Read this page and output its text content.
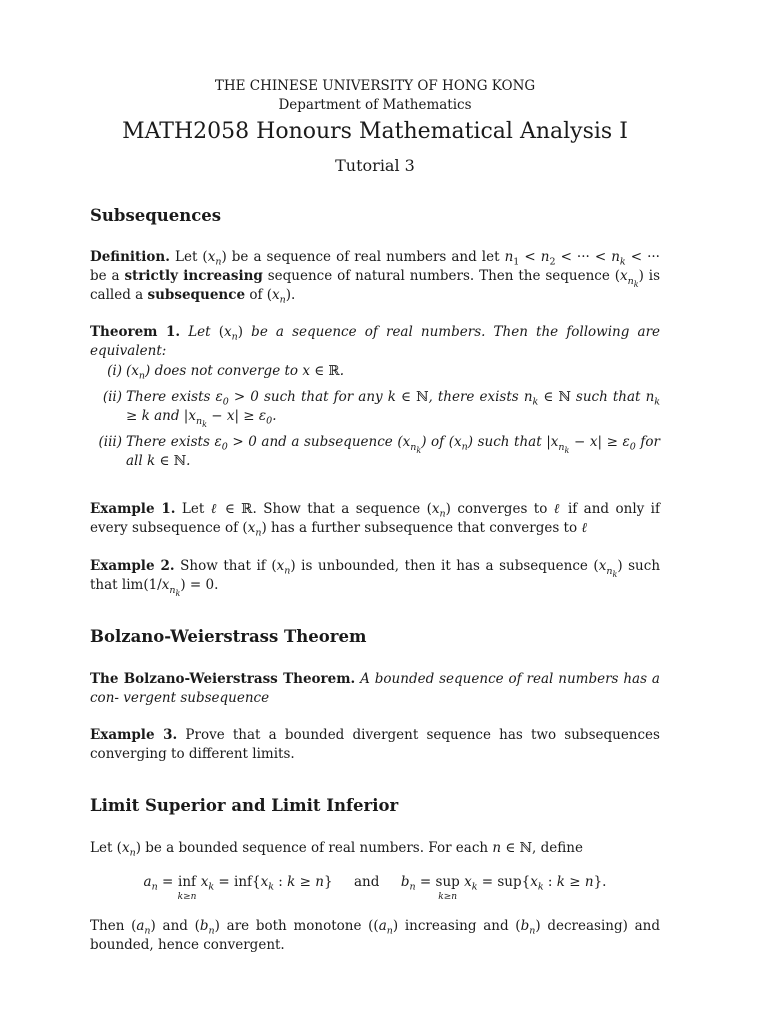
THE CHINESE UNIVERSITY OF HONG KONG
Department of Mathematics
MATH2058 Honours Mathematical Analysis I
Tutorial 3
Subsequences

Definition. Let $(x_n)$ be a sequence of real numbers and let $n_1 < n_2$ < ··· < $n_k$ < ··· be a strictly increasing sequence of natural numbers. Then the sequence $(x_{n_k})$ is called a subsequence of $(x_n)$.

Theorem 1. Let $(x_n)$ be a sequence of real numbers. Then the following are equivalent:

(i) $(x_n)$ does not converge to x ∈ ℝ.
(ii) There exists $\varepsilon_0 > 0$ such that for any k ∈ ℕ, there exists $n_k$ ∈ ℕ such that $n_k \ge k$ and $|x_{n_k} - x| \ge \varepsilon_0$.
(iii) There exists $\varepsilon_0 > 0$ and a subsequence $(x_{n_k})$ of $(x_n)$ such that $|x_{n_k} - x| \ge \varepsilon_0$ for all k ∈ ℕ.

Example 1. Let ℓ ∈ ℝ. Show that a sequence $(x_n)$ converges to ℓ if and only if every subsequence of $(x_n)$ has a further subsequence that converges to ℓ

Example 2. Show that if $(x_n)$ is unbounded, then it has a subsequence $(x_{n_k})$ such that $\lim(1/x_{n_k}) = 0$.

Bolzano-Weierstrass Theorem

The Bolzano-Weierstrass Theorem. A bounded sequence of real numbers has a con- vergent subsequence

Example 3. Prove that a bounded divergent sequence has two subsequences converging to different limits.

Limit Superior and Limit Inferior

Let $(x_n)$ be a bounded sequence of real numbers. For each n ∈ ℕ, define

$a_n$ = inf
k≥n
$x_k = inf\{x_k$ : k ≥ n}     and $b_n$ = sup
k≥n
$x_k = sup\{x_k$ : k ≥ n}.

Then $(a_n)$ and $(b_n)$ are both monotone ($(a_n)$ increasing and $(b_n)$ decreasing) and bounded, hence convergent.
